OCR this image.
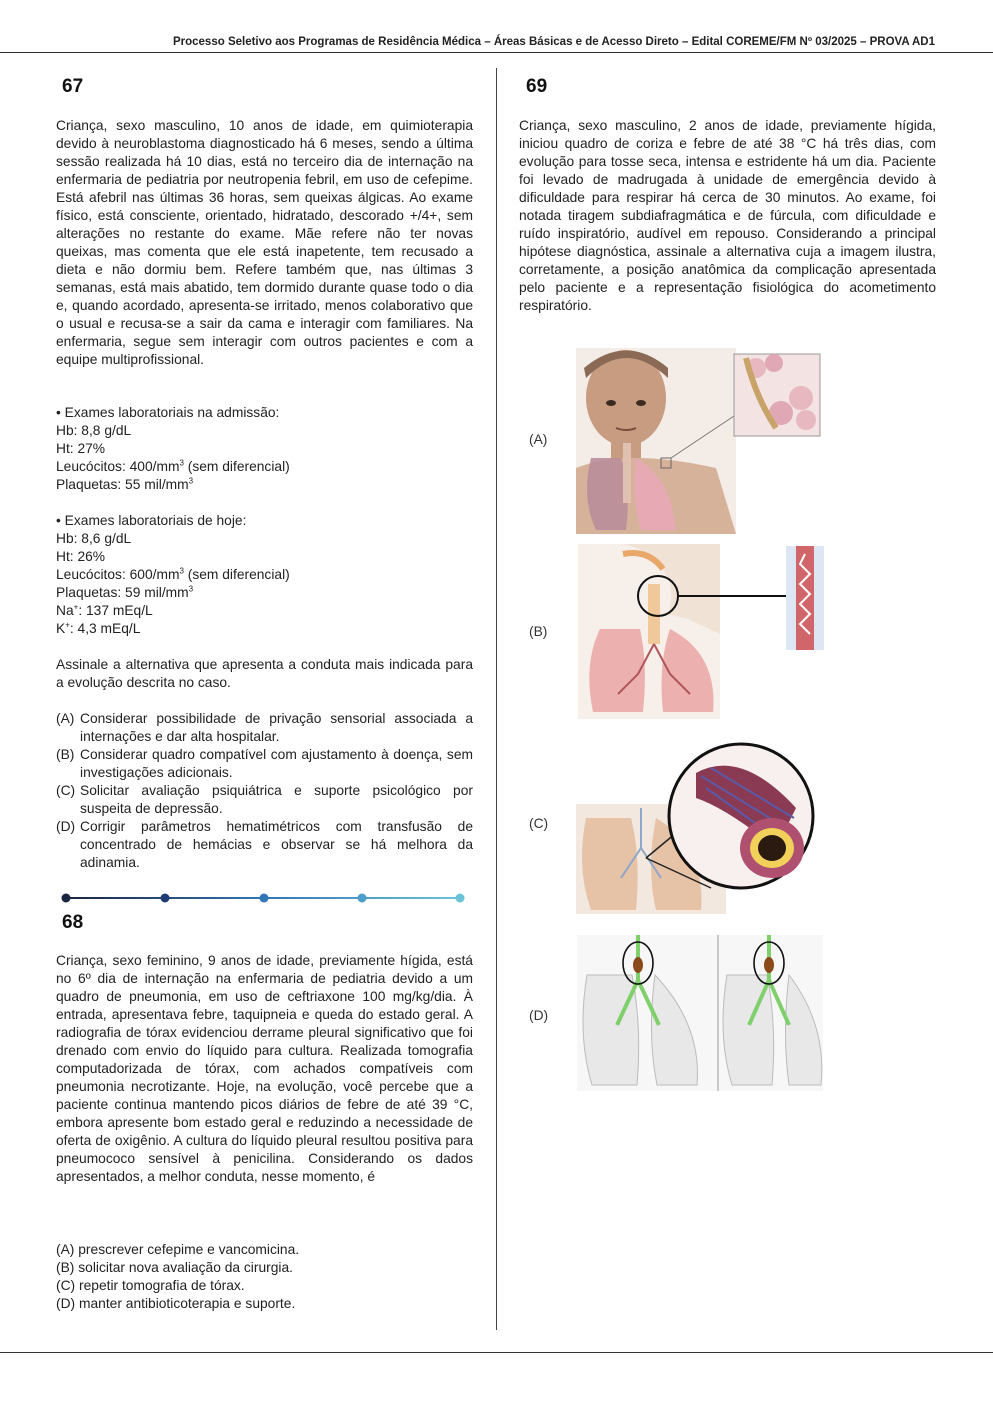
Processo Seletivo aos Programas de Residência Médica – Áreas Básicas e de Acesso Direto – Edital COREME/FM Nº 03/2025 – PROVA AD1
67

Criança, sexo masculino, 10 anos de idade, em quimioterapia devido à neuroblastoma diagnosticado há 6 meses, sendo a última sessão realizada há 10 dias, está no terceiro dia de internação na enfermaria de pediatria por neutropenia febril, em uso de cefepime. Está afebril nas últimas 36 horas, sem queixas álgicas. Ao exame físico, está consciente, orientado, hidratado, descorado +/4+, sem alterações no restante do exame. Mãe refere não ter novas queixas, mas comenta que ele está inapetente, tem recusado a dieta e não dormiu bem. Refere também que, nas últimas 3 semanas, está mais abatido, tem dormido durante quase todo o dia e, quando acordado, apresenta-se irritado, menos colaborativo que o usual e recusa-se a sair da cama e interagir com familiares. Na enfermaria, segue sem interagir com outros pacientes e com a equipe multiprofissional.

• Exames laboratoriais na admissão:
Hb: 8,8 g/dL
Ht: 27%
Leucócitos: $400/mm^3$ (sem diferencial)
Plaquetas: 55 mil/$mm^3$
• Exames laboratoriais de hoje:
Hb: 8,6 g/dL
Ht: 26%
Leucócitos: $600/mm^3$ (sem diferencial)
Plaquetas: 59 mil/$mm^3$
Na+: 137 mEq/L
K+: 4,3 mEq/L

Assinale a alternativa que apresenta a conduta mais indicada para a evolução descrita no caso.

(A) Considerar possibilidade de privação sensorial associada a internações e dar alta hospitalar.
(B) Considerar quadro compatível com ajustamento à doença, sem investigações adicionais.
(C) Solicitar avaliação psiquiátrica e suporte psicológico por suspeita de depressão.
(D) Corrigir parâmetros hematimétricos com transfusão de concentrado de hemácias e observar se há melhora da adinamia.
68

Criança, sexo feminino, 9 anos de idade, previamente hígida, está no 6º dia de internação na enfermaria de pediatria devido a um quadro de pneumonia, em uso de ceftriaxone 100 mg/kg/dia. À entrada, apresentava febre, taquipneia e queda do estado geral. A radiografia de tórax evidenciou derrame pleural significativo que foi drenado com envio do líquido para cultura. Realizada tomografia computadorizada de tórax, com achados compatíveis com pneumonia necrotizante. Hoje, na evolução, você percebe que a paciente continua mantendo picos diários de febre de até 39 °C, embora apresente bom estado geral e reduzindo a necessidade de oferta de oxigênio. A cultura do líquido pleural resultou positiva para pneumococo sensível à penicilina. Considerando os dados apresentados, a melhor conduta, nesse momento, é

(A) prescrever cefepime e vancomicina.
(B) solicitar nova avaliação da cirurgia.
(C) repetir tomografia de tórax.
(D) manter antibioticoterapia e suporte.
69

Criança, sexo masculino, 2 anos de idade, previamente hígida, iniciou quadro de coriza e febre de até 38 °C há três dias, com evolução para tosse seca, intensa e estridente há um dia. Paciente foi levado de madrugada à unidade de emergência devido à dificuldade para respirar há cerca de 30 minutos. Ao exame, foi notada tiragem subdiafragmática e de fúrcula, com dificuldade e ruído inspiratório, audível em repouso. Considerando a principal hipótese diagnóstica, assinale a alternativa cuja a imagem ilustra, corretamente, a posição anatômica da complicação apresentada pelo paciente e a representação fisiológica do acometimento respiratório.

(A)
(B)
(C)
(D)
